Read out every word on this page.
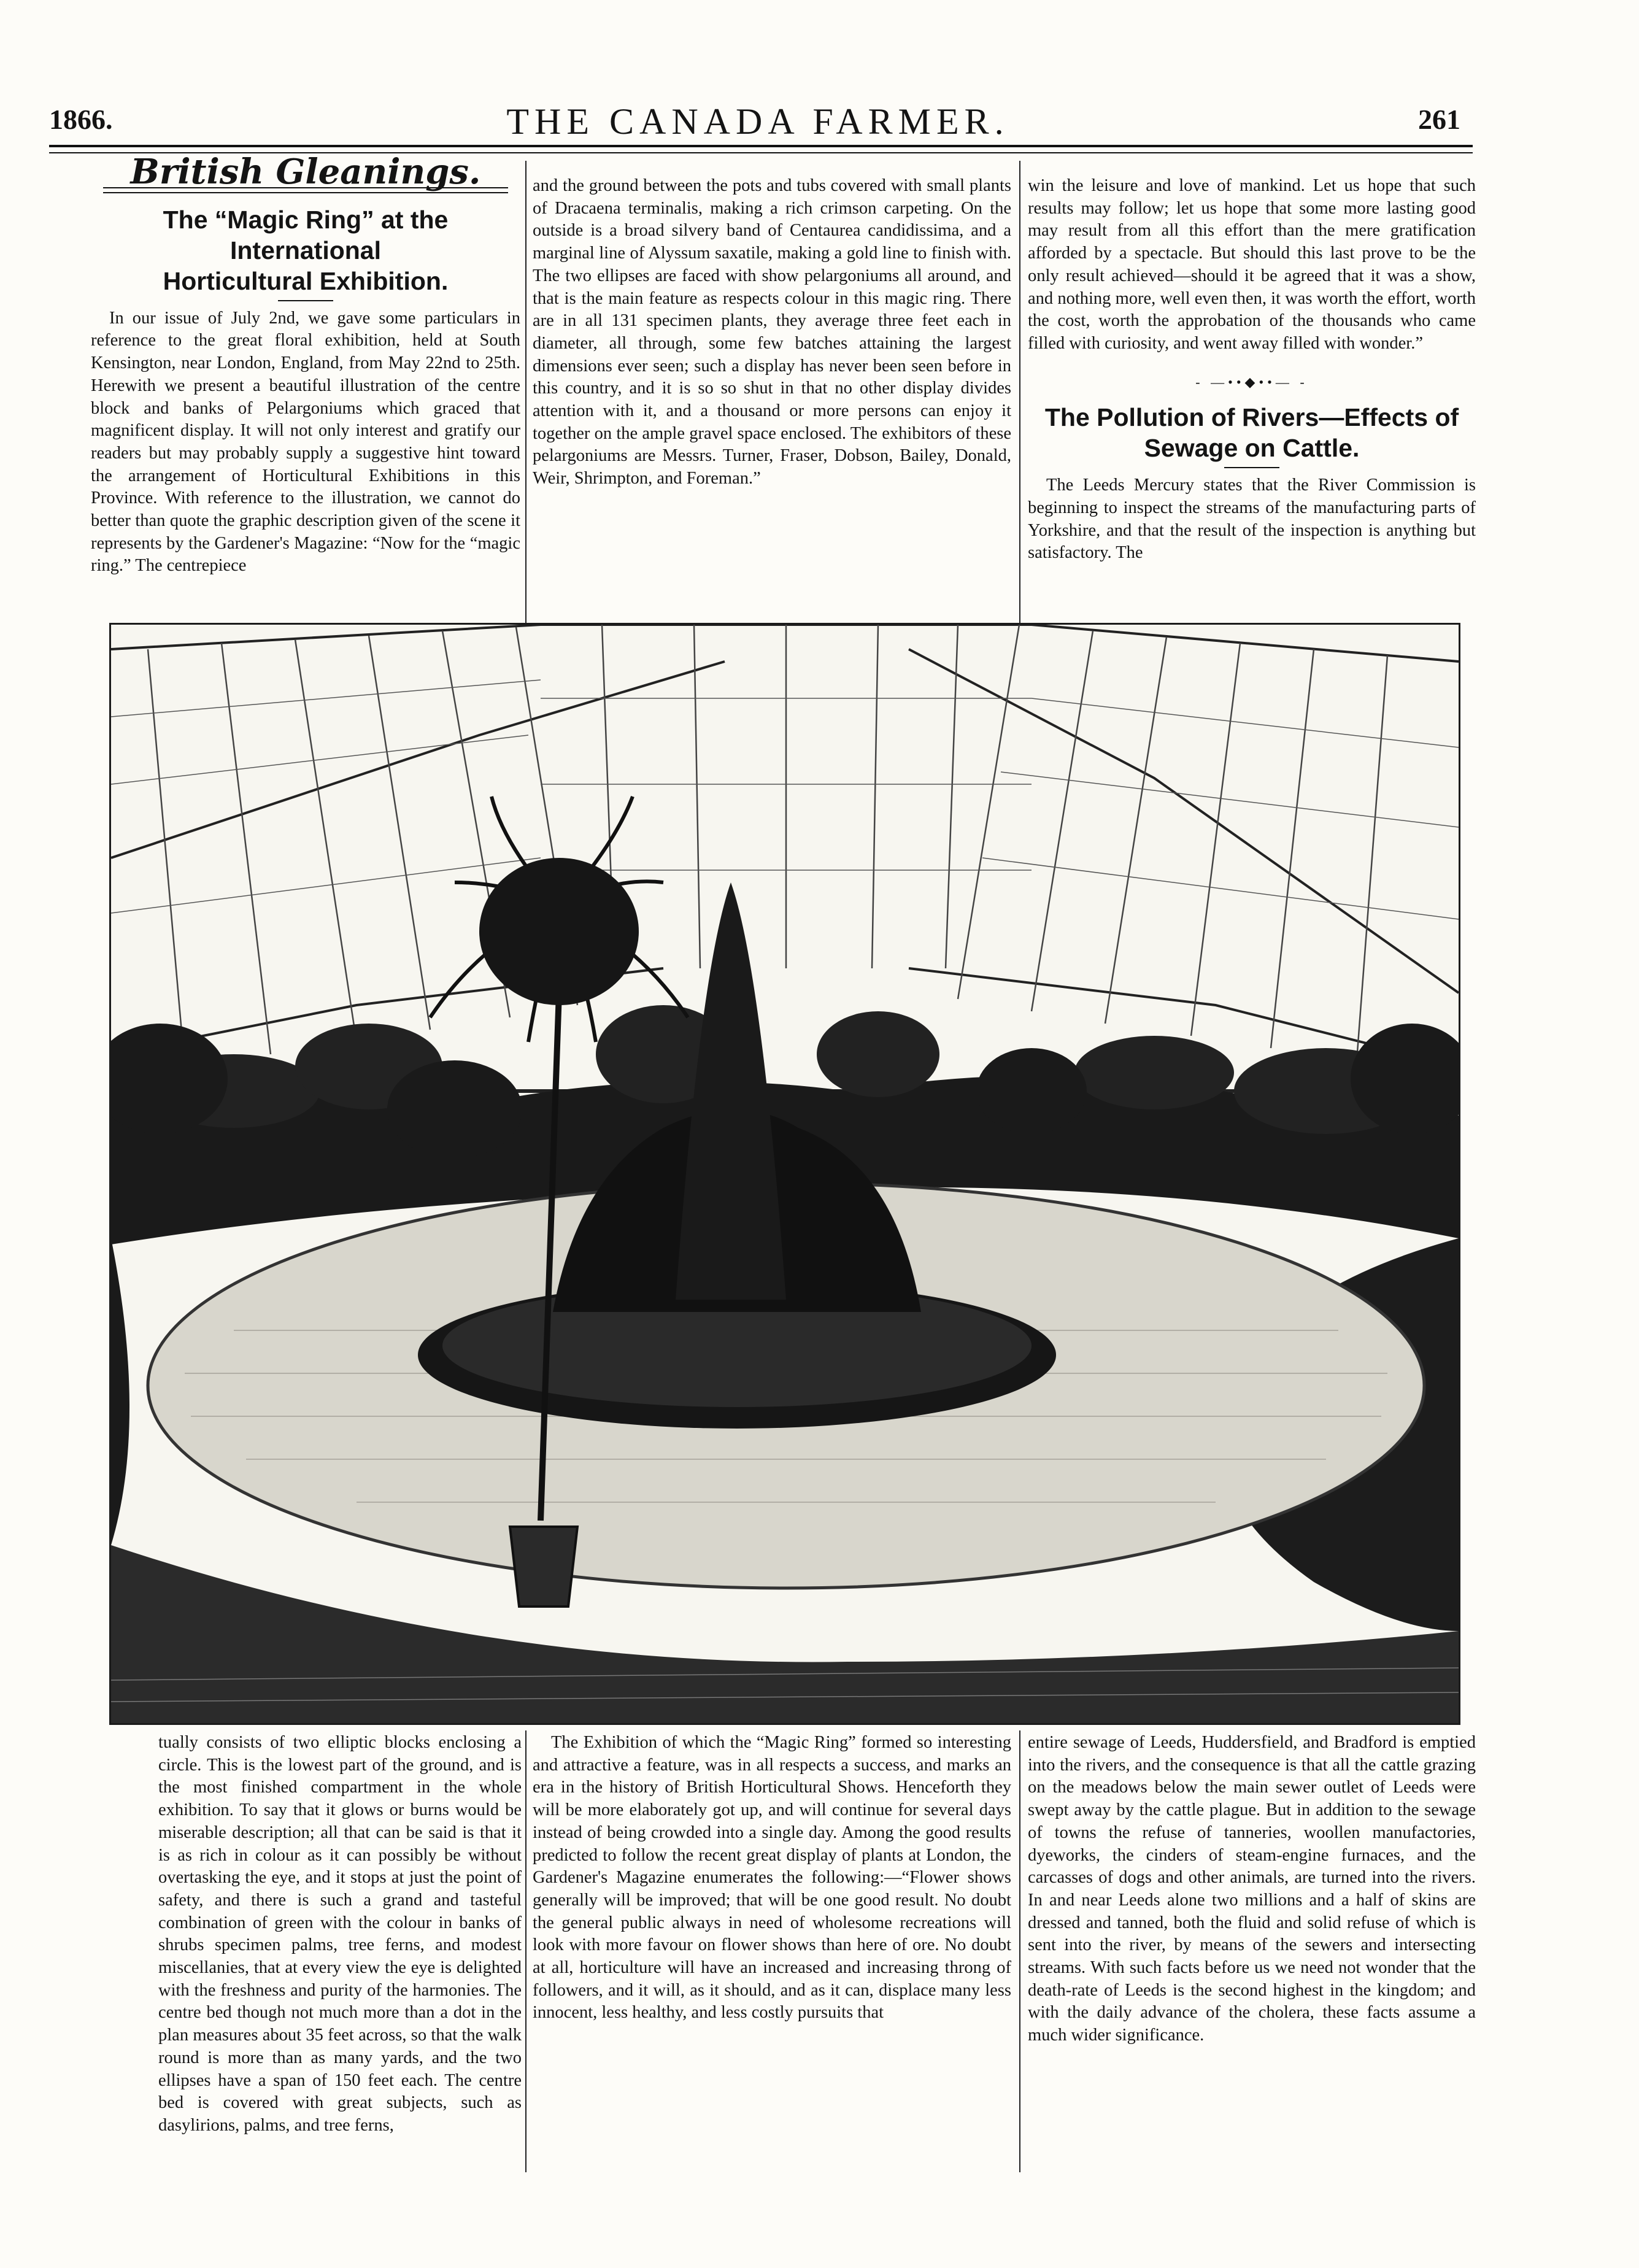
1866.	THE CANADA FARMER.	261
British Gleanings.
The “Magic Ring” at the International
Horticultural Exhibition.

In our issue of July 2nd, we gave some particulars in reference to the great floral exhibition, held at South Kensington, near London, England, from May 22nd to 25th. Herewith we present a beautiful illustration of the centre block and banks of Pelargoniums which graced that magnificent display. It will not only interest and gratify our readers but may probably supply a suggestive hint toward the arrangement of Horticultural Exhibitions in this Province. With reference to the illustration, we cannot do better than quote the graphic description given of the scene it represents by the Gardener's Magazine: “Now for the “magic ring.” The centrepiece

and the ground between the pots and tubs covered with small plants of Dracaena terminalis, making a rich crimson carpeting. On the outside is a broad silvery band of Centaurea candidissima, and a marginal line of Alyssum saxatile, making a gold line to finish with. The two ellipses are faced with show pelargoniums all around, and that is the main feature as respects colour in this magic ring. There are in all 131 specimen plants, they average three feet each in diameter, all through, some few batches attaining the largest dimensions ever seen; such a display has never been seen before in this country, and it is so so shut in that no other display divides attention with it, and a thousand or more persons can enjoy it together on the ample gravel space enclosed. The exhibitors of these pelargoniums are Messrs. Turner, Fraser, Dobson, Bailey, Donald, Weir, Shrimpton, and Foreman.”

win the leisure and love of mankind. Let us hope that such results may follow; let us hope that some more lasting good may result from all this effort than the mere gratification afforded by a spectacle. But should this last prove to be the only result achieved—should it be agreed that it was a show, and nothing more, well even then, it was worth the effort, worth the cost, worth the approbation of the thousands who came filled with curiosity, and went away filled with wonder.”

- —••◆••— -
The Pollution of Rivers—Effects of
Sewage on Cattle.

The Leeds Mercury states that the River Commission is beginning to inspect the streams of the manufacturing parts of Yorkshire, and that the result of the inspection is anything but satisfactory. The

tually consists of two elliptic blocks enclosing a circle. This is the lowest part of the ground, and is the most finished compartment in the whole exhibition. To say that it glows or burns would be miserable description; all that can be said is that it is as rich in colour as it can possibly be without overtasking the eye, and it stops at just the point of safety, and there is such a grand and tasteful combination of green with the colour in banks of shrubs specimen palms, tree ferns, and modest miscellanies, that at every view the eye is delighted with the freshness and purity of the harmonies. The centre bed though not much more than a dot in the plan measures about 35 feet across, so that the walk round is more than as many yards, and the two ellipses have a span of 150 feet each. The centre bed is covered with great subjects, such as dasylirions, palms, and tree ferns,

The Exhibition of which the “Magic Ring” formed so interesting and attractive a feature, was in all respects a success, and marks an era in the history of British Horticultural Shows. Henceforth they will be more elaborately got up, and will continue for several days instead of being crowded into a single day. Among the good results predicted to follow the recent great display of plants at London, the Gardener's Magazine enumerates the following:—“Flower shows generally will be improved; that will be one good result. No doubt the general public always in need of wholesome recreations will look with more favour on flower shows than here of ore. No doubt at all, horticulture will have an increased and increasing throng of followers, and it will, as it should, and as it can, displace many less innocent, less healthy, and less costly pursuits that

entire sewage of Leeds, Huddersfield, and Bradford is emptied into the rivers, and the consequence is that all the cattle grazing on the meadows below the main sewer outlet of Leeds were swept away by the cattle plague. But in addition to the sewage of towns the refuse of tanneries, woollen manufactories, dyeworks, the cinders of steam-engine furnaces, and the carcasses of dogs and other animals, are turned into the rivers. In and near Leeds alone two millions and a half of skins are dressed and tanned, both the fluid and solid refuse of which is sent into the river, by means of the sewers and intersecting streams. With such facts before us we need not wonder that the death-rate of Leeds is the second highest in the kingdom; and with the daily advance of the cholera, these facts assume a much wider significance.
